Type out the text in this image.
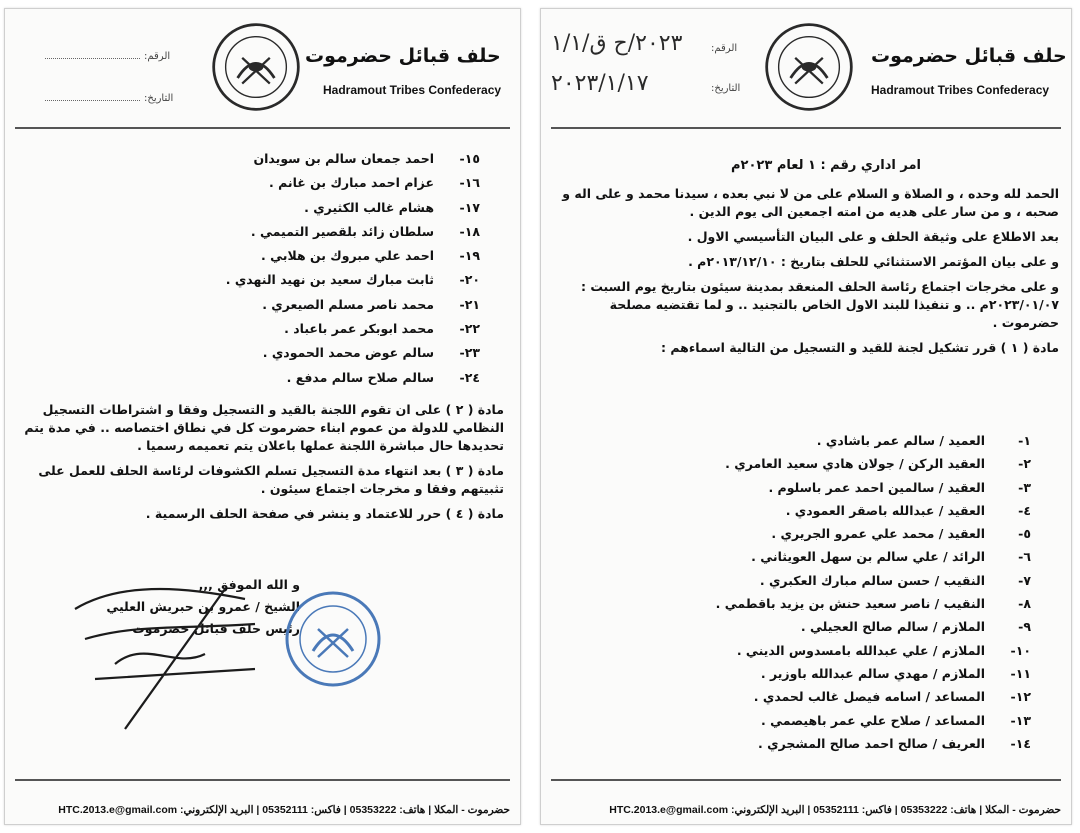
حلف قبائل حضرموت
Hadramout Tribes Confederacy
الرقم:
التاريخ:
١٥-
احمد جمعان سالم بن سويدان
١٦-
عزام احمد مبارك بن غانم .
١٧-
هشام غالب الكثيري .
١٨-
سلطان زائد بلقصير التميمي .
١٩-
احمد علي مبروك بن هلابي .
٢٠-
ثابت مبارك سعيد بن نهيد النهدي .
٢١-
محمد ناصر مسلم الصيعري .
٢٢-
محمد ابوبكر عمر باعباد .
٢٣-
سالم عوض محمد الحمودي .
٢٤-
سالم صلاح سالم مدفع .

مادة ( ٢ ) على ان تقوم اللجنة بالقيد و التسجيل وفقا و اشتراطات التسجيل النظامي للدولة من عموم ابناء حضرموت كل في نطاق اختصاصه .. في مدة يتم تحديدها حال مباشرة اللجنة عملها باعلان يتم تعميمه رسميا .

مادة ( ٣ ) بعد انتهاء مدة التسجيل تسلم الكشوفات لرئاسة الحلف للعمل على تثبيتهم وفقا و مخرجات اجتماع سيئون .

مادة ( ٤ ) حرر للاعتماد و ينشر في صفحة الحلف الرسمية .

و الله الموفق ,,,
الشيخ / عمرو بن حبريش العليي
رئيس حلف قبائل حضرموت
حضرموت - المكلا | هاتف: 05353222 | فاكس: 05352111 | البريد الإلكتروني: HTC.2013.e@gmail.com
حلف قبائل حضرموت
Hadramout Tribes Confederacy
الرقم:
التاريخ:
٢٠٢٣/ح ق/١/١
٢٠٢٣/١/١٧
امر اداري رقم : ١ لعام ٢٠٢٣م

الحمد لله وحده ، و الصلاة و السلام على من لا نبي بعده ، سيدنا محمد و على اله و صحبه ، و من سار على هديه من امته اجمعين الى يوم الدين .

بعد الاطلاع على وثيقة الحلف و على البيان التأسيسي الاول .

و على بيان المؤتمر الاستثنائي للحلف بتاريخ : ٢٠١٣/١٢/١٠م .

و على مخرجات اجتماع رئاسة الحلف المنعقد بمدينة سيئون بتاريخ يوم السبت : ٢٠٢٣/٠١/٠٧م .. و تنفيذا للبند الاول الخاص بالتجنيد .. و لما تقتضيه مصلحة حضرموت .

مادة ( ١ ) قرر تشكيل لجنة للقيد و التسجيل من التالية اسماءهم :

١-
العميد / سالم عمر باشادي .
٢-
العقيد الركن / جولان هادي سعيد العامري .
٣-
العقيد / سالمين احمد عمر باسلوم .
٤-
العقيد / عبدالله باصقر العمودي .
٥-
العقيد / محمد علي عمرو الجريري .
٦-
الرائد / علي سالم بن سهل العويثاني .
٧-
النقيب / حسن سالم مبارك العكبري .
٨-
النقيب / ناصر سعيد حنش بن يزيد باقطمي .
٩-
الملازم / سالم صالح العجيلي .
١٠-
الملازم / علي عبدالله بامسدوس الديني .
١١-
الملازم / مهدي سالم عبدالله باوزير .
١٢-
المساعد / اسامه فيصل غالب لحمدي .
١٣-
المساعد / صلاح علي عمر باهيصمي .
١٤-
العريف / صالح احمد صالح المشجري .
حضرموت - المكلا | هاتف: 05353222 | فاكس: 05352111 | البريد الإلكتروني: HTC.2013.e@gmail.com
